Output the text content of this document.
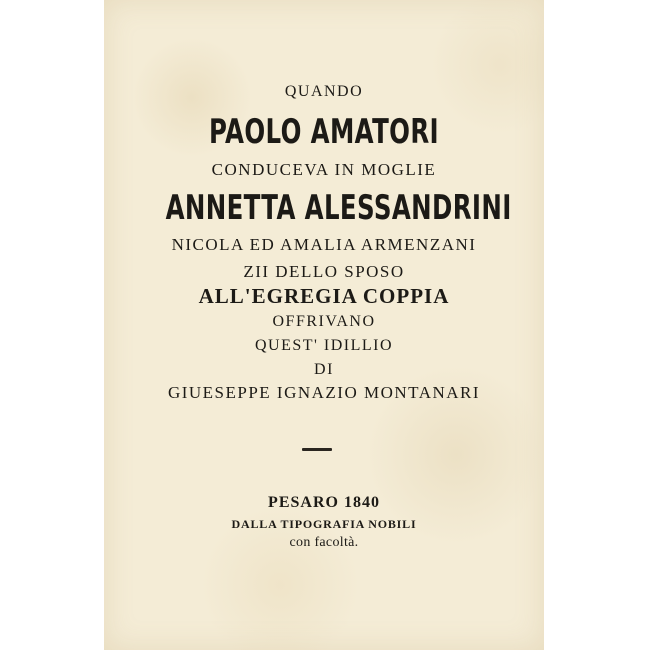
QUANDO
PAOLO AMATORI
CONDUCEVA IN MOGLIE
ANNETTA ALESSANDRINI
NICOLA ED AMALIA ARMENZANI
ZII DELLO SPOSO
ALL'EGREGIA COPPIA
OFFRIVANO
QUEST' IDILLIO
DI
GIUESEPPE IGNAZIO MONTANARI
PESARO 1840
DALLA TIPOGRAFIA NOBILI
con facoltà.
